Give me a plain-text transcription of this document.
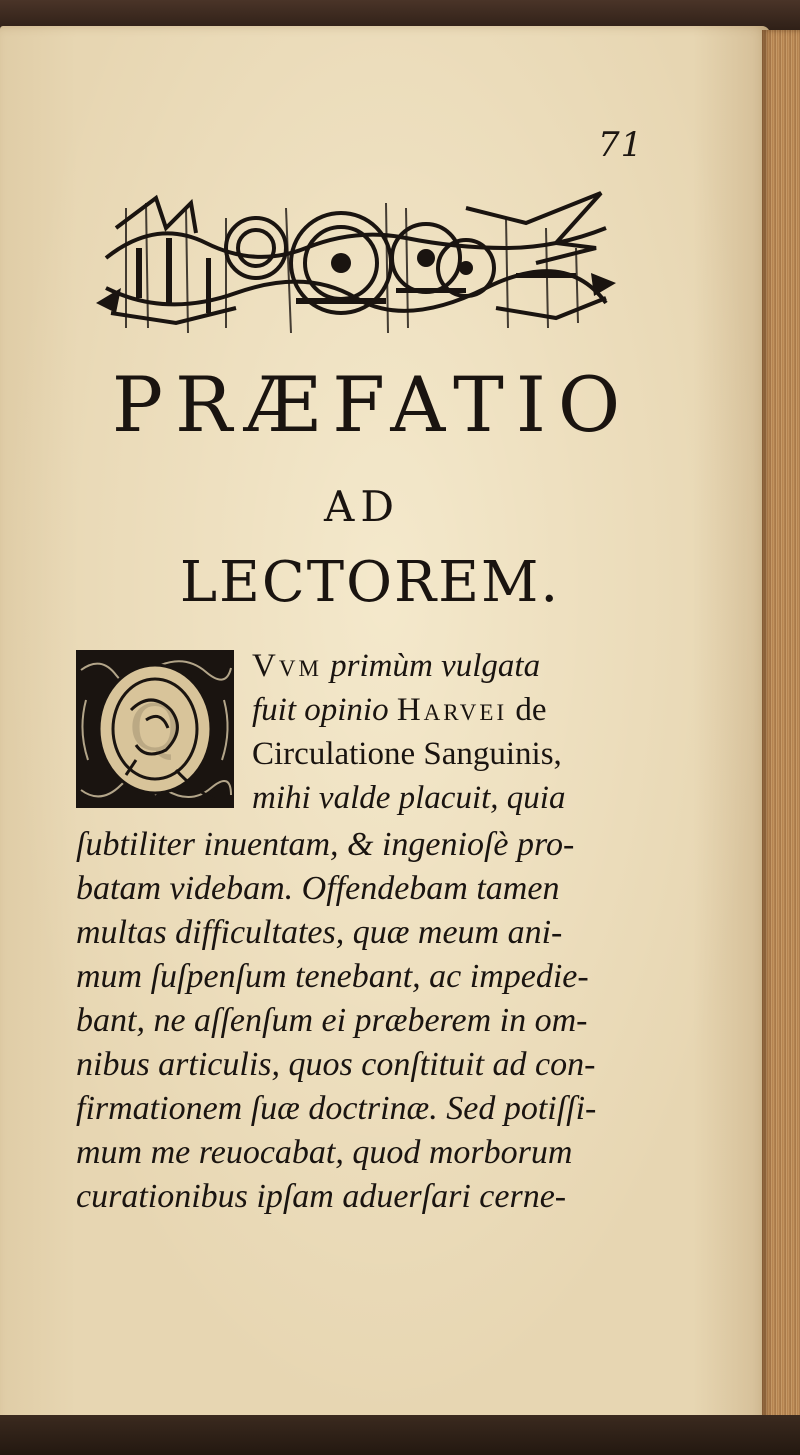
71
PRÆFATIO
AD
LECTOREM.
Q
Vvm primùm vulgata
fuit opinio Harvei de
Circulatione Sanguinis,
mihi valde placuit, quia
ſubtiliter inuentam, & ingenioſè pro-
batam videbam. Offendebam tamen
multas difficultates, quæ meum ani-
mum ſuſpenſum tenebant, ac impedie-
bant, ne aſſenſum ei præberem in om-
nibus articulis, quos conſtituit ad con-
firmationem ſuæ doctrinæ. Sed potiſſi-
mum me reuocabat, quod morborum
curationibus ipſam aduerſari cerne-
